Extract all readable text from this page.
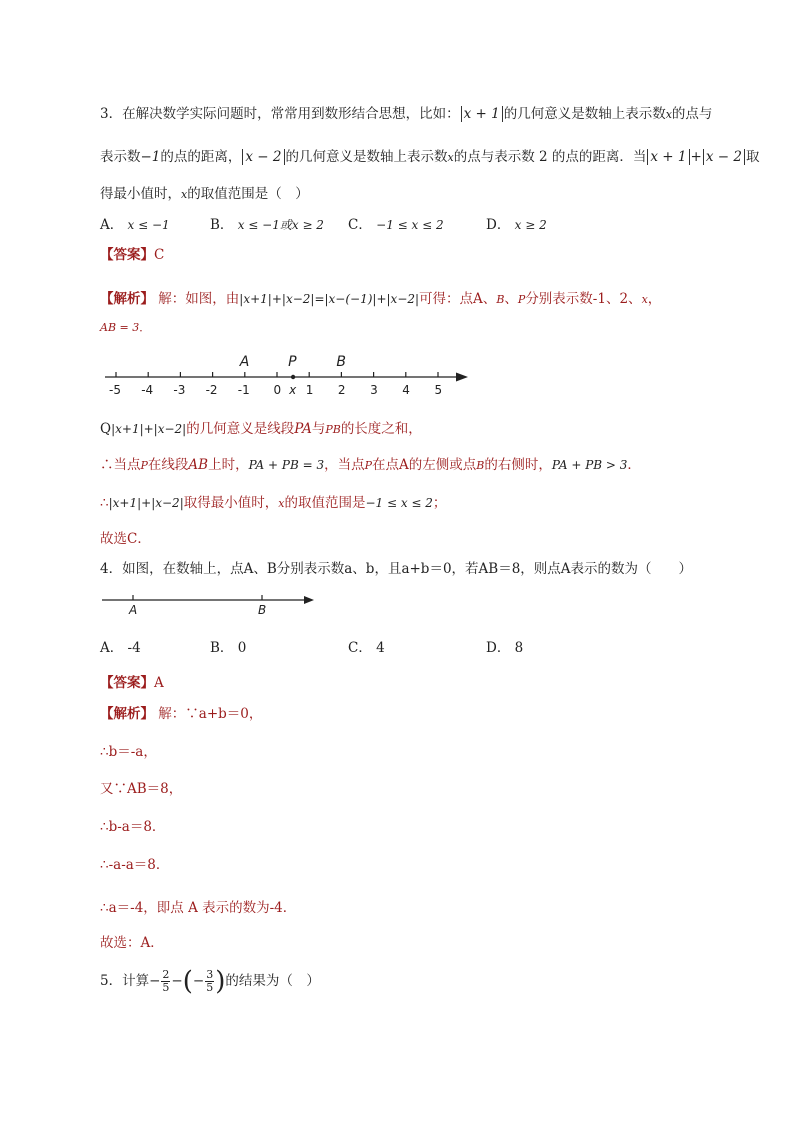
3．在解决数学实际问题时，常常用到数形结合思想，比如： x + 1 的几何意义是数轴上表示数x的点与
表示数−1的点的距离， x − 2 的几何意义是数轴上表示数x的点与表示数 2 的点的距离．当 x + 1 + x − 2 取
得最小值时，x的取值范围是（　）
A． x ≤ −1	B． x ≤ −1或x ≥ 2 C． −1 ≤ x ≤ 2	D． x ≥ 2
【答案】C
【解析】 解：如图，由|x+1|+|x−2|=|x−(−1)|+|x−2|可得：点A、B、P分别表示数-1、2、x，
AB = 3．
-5 -4 -3 -2 -1 0 1 2 3 4 5
A	P
x
B
Q|x+1|+|x−2|的几何意义是线段PA与PB的长度之和，
∴当点P在线段AB上时，PA + PB = 3，当点P在点A的左侧或点B的右侧时，PA + PB > 3．
∴|x+1|+|x−2|取得最小值时，x的取值范围是−1 ≤ x ≤ 2；
故选C．
4．如图，在数轴上，点A、B分别表示数a、b，且a+b＝0，若AB＝8，则点A表示的数为（　　）
A	B
A． -4	B． 0	C． 4	D． 8
【答案】A
【解析】 解：∵a+b＝0，
∴b＝-a，
又∵AB＝8，
∴b-a＝8．
∴-a-a＝8．
∴a＝-4，即点 A 表示的数为-4．
故选：A．
5．计算− $\frac{2}{5}$ −(− $\frac{3}{5}$ )的结果为（　）
